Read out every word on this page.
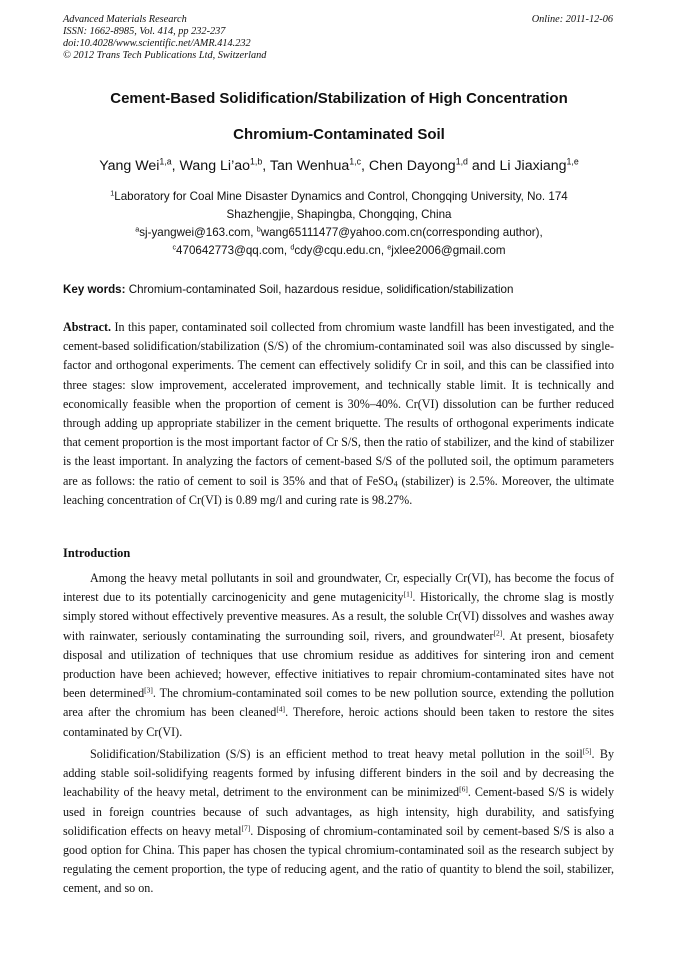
Advanced Materials Research
ISSN: 1662-8985, Vol. 414, pp 232-237
doi:10.4028/www.scientific.net/AMR.414.232
© 2012 Trans Tech Publications Ltd, Switzerland
Online: 2011-12-06
Cement-Based Solidification/Stabilization of High Concentration
Chromium-Contaminated Soil
Yang Wei$^{1,a}$, Wang Li’ao$^{1,b}$, Tan Wenhua$^{1,c}$, Chen Dayong$^{1,d}$ and Li Jiaxiang$^{1,e}$
$^1$Laboratory for Coal Mine Disaster Dynamics and Control, Chongqing University, No. 174
Shazhengjie, Shapingba, Chongqing, China
$^a$sj-yangwei@163.com, $^b$wang65111477@yahoo.com.cn(corresponding author),
$^c$470642773@qq.com, $^d$cdy@cqu.edu.cn, $^e$jxlee2006@gmail.com
Key words: Chromium-contaminated Soil, hazardous residue, solidification/stabilization

Abstract. In this paper, contaminated soil collected from chromium waste landfill has been investigated, and the cement-based solidification/stabilization (S/S) of the chromium-contaminated soil was also discussed by single-factor and orthogonal experiments. The cement can effectively solidify Cr in soil, and this can be classified into three stages: slow improvement, accelerated improvement, and technically stable limit. It is technically and economically feasible when the proportion of cement is 30%–40%. Cr(VI) dissolution can be further reduced through adding up appropriate stabilizer in the cement briquette. The results of orthogonal experiments indicate that cement proportion is the most important factor of Cr S/S, then the ratio of stabilizer, and the kind of stabilizer is the least important. In analyzing the factors of cement-based S/S of the polluted soil, the optimum parameters are as follows: the ratio of cement to soil is 35% and that of FeSO$_4$ (stabilizer) is 2.5%. Moreover, the ultimate leaching concentration of Cr(VI) is 0.89 mg/l and curing rate is 98.27%.

Introduction

Among the heavy metal pollutants in soil and groundwater, Cr, especially Cr(VI), has become the focus of interest due to its potentially carcinogenicity and gene mutagenicity[1]. Historically, the chrome slag is mostly simply stored without effectively preventive measures. As a result, the soluble Cr(VI) dissolves and washes away with rainwater, seriously contaminating the surrounding soil, rivers, and groundwater[2]. At present, biosafety disposal and utilization of techniques that use chromium residue as additives for sintering iron and cement production have been achieved; however, effective initiatives to repair chromium-contaminated sites have not been determined[3]. The chromium-contaminated soil comes to be new pollution source, extending the pollution area after the chromium has been cleaned[4]. Therefore, heroic actions should been taken to restore the sites contaminated by Cr(VI).

Solidification/Stabilization (S/S) is an efficient method to treat heavy metal pollution in the soil[5]. By adding stable soil-solidifying reagents formed by infusing different binders in the soil and by decreasing the leachability of the heavy metal, detriment to the environment can be minimized[6]. Cement-based S/S is widely used in foreign countries because of such advantages, as high intensity, high durability, and satisfying solidification effects on heavy metal[7]. Disposing of chromium-contaminated soil by cement-based S/S is also a good option for China. This paper has chosen the typical chromium-contaminated soil as the research subject by regulating the cement proportion, the type of reducing agent, and the ratio of quantity to blend the soil, stabilizer, cement, and so on.
